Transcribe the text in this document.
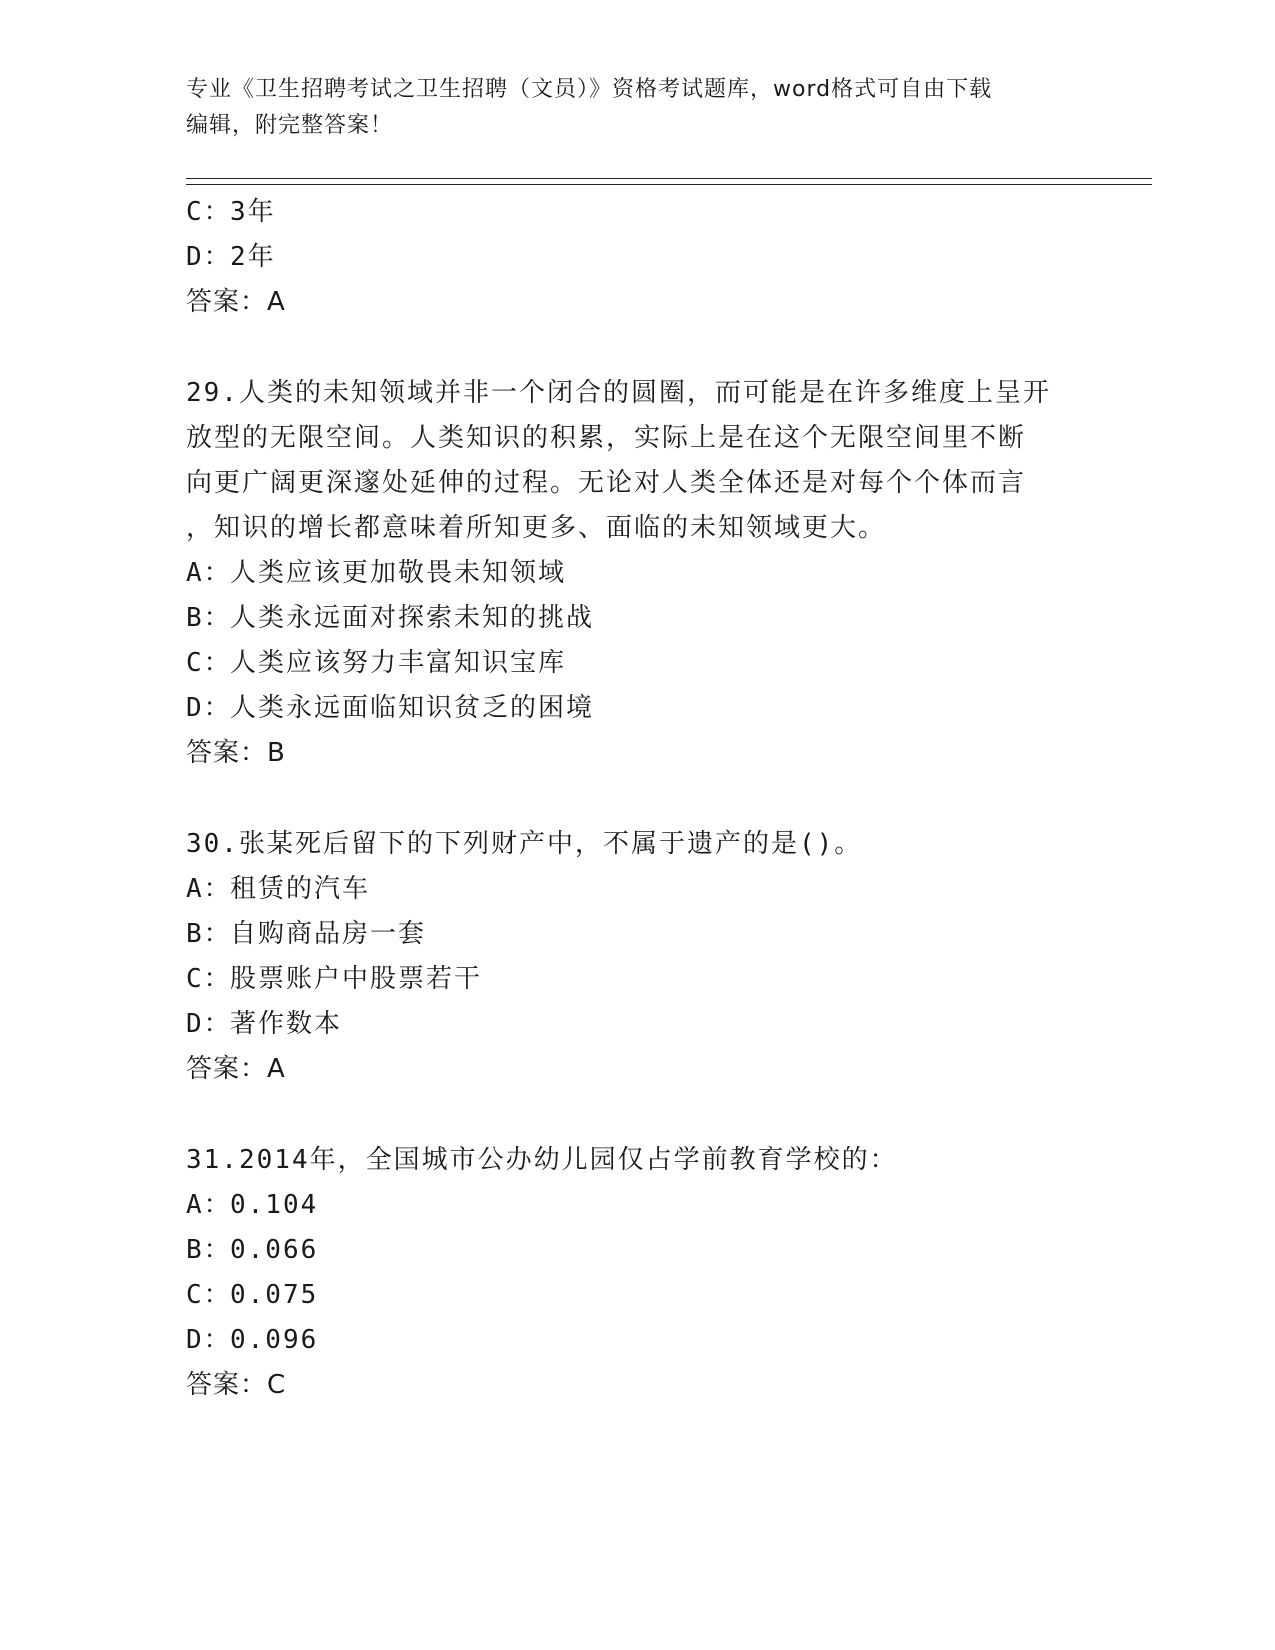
专业《卫生招聘考试之卫生招聘（文员）》资格考试题库，word格式可自由下载
编辑，附完整答案！
C：3年
D：2年
答案：A
29.人类的未知领域并非一个闭合的圆圈，而可能是在许多维度上呈开
放型的无限空间。人类知识的积累，实际上是在这个无限空间里不断
向更广阔更深邃处延伸的过程。无论对人类全体还是对每个个体而言
，知识的增长都意味着所知更多、面临的未知领域更大。
A：人类应该更加敬畏未知领域
B：人类永远面对探索未知的挑战
C：人类应该努力丰富知识宝库
D：人类永远面临知识贫乏的困境
答案：B
30.张某死后留下的下列财产中，不属于遗产的是()。
A：租赁的汽车
B：自购商品房一套
C：股票账户中股票若干
D：著作数本
答案：A
31.2014年，全国城市公办幼儿园仅占学前教育学校的：
A：0.104
B：0.066
C：0.075
D：0.096
答案：C
